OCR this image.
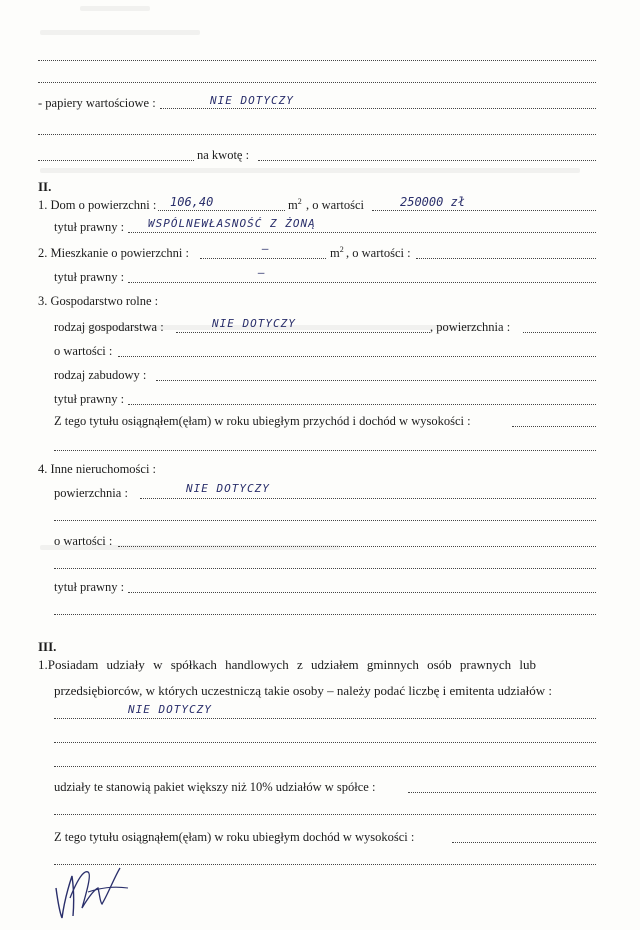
- papiery wartościowe :	NIE DOTYCZY
na kwotę :
II.
1. Dom o powierzchni : 106,40	$m^2$ , o wartości	250000 zł
tytuł prawny : WSPÓLNEWŁASNOŚĆ Z ŻONĄ
2. Mieszkanie o powierzchni :	–	$m^2$ , o wartości :
tytuł prawny :	–
3. Gospodarstwo rolne :
rodzaj gospodarstwa :	NIE DOTYCZY	, powierzchnia :
o wartości :
rodzaj zabudowy :
tytuł prawny :
Z tego tytułu osiągnąłem(ęłam) w roku ubiegłym przychód i dochód w wysokości :
4. Inne nieruchomości :
powierzchnia :	NIE DOTYCZY
o wartości :
tytuł prawny :
III.
1.Posiadam udziały w spółkach handlowych z udziałem gminnych osób prawnych lub
przedsiębiorców, w których uczestniczą takie osoby – należy podać liczbę i emitenta udziałów :
NIE DOTYCZY
udziały te stanowią pakiet większy niż 10% udziałów w spółce :
Z tego tytułu osiągnąłem(ęłam) w roku ubiegłym dochód w wysokości :
